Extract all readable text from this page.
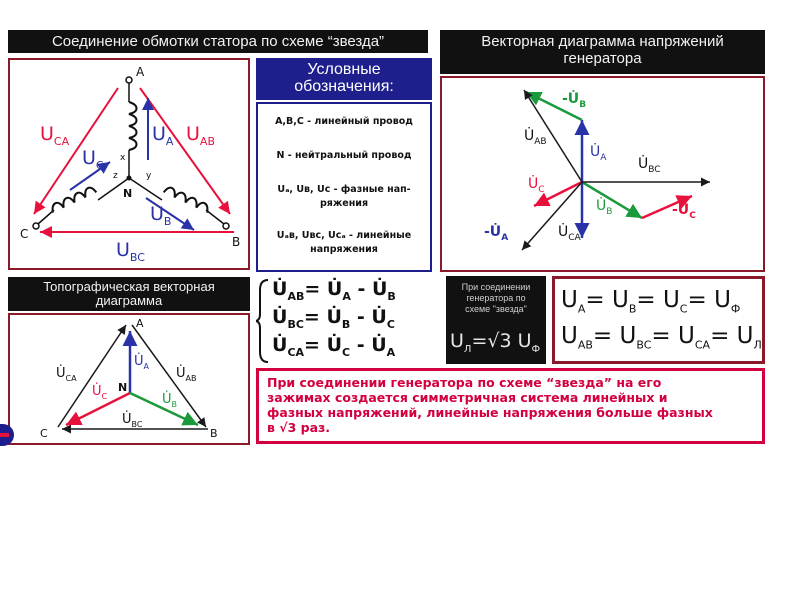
Соединение обмотки статора по схеме “звезда”	Векторная диаграмма напряжений
генератора
A
C
B
N
x
y
z
$U_{CA}$	$U_{AB}$
$U_A$
$U_C$
$U_B$
$U_{BC}$
Условные
обозначения:
А,В,С - линейный провод
N - нейтральный провод
Uₐ, Uʙ, Uᴄ - фазные нап-
ряжения
Uₐʙ, Uʙᴄ, Uᴄₐ - линейные
напряжения
$-U̇_B$
$U̇_{AB}$
$U̇_A$ $U̇_{BC}$
$U̇_C$
$U̇_B$	$-U̇_C$
$-U̇_A$	$U̇_{CA}$
Топографическая векторная
диаграмма
A
B
C
N
$U̇_{CA}$	$U̇_{AB}$
$U̇_A$
$U̇_C$	$U̇_B$
$U̇_{BC}$
$U̇_{AB}=$ $U̇_A$ - $U̇_B$
$U̇_{BC}=$ $U̇_B$ - $U̇_C$
$U̇_{CA}=$ $U̇_C$ - $U̇_A$
При соединении
генератора по
схеме "звезда"
$U_Л=√3$ $U_Ф$
$U_A= U_B= U_C= U_Ф$
$U_{AB}= U_{BC}= U_{CA}= U_Л$
При соединении генератора по схеме “звезда” на его
зажимах создается симметричная система линейных и
фазных напряжений, линейные напряжения больше фазных
в √3 раз.
